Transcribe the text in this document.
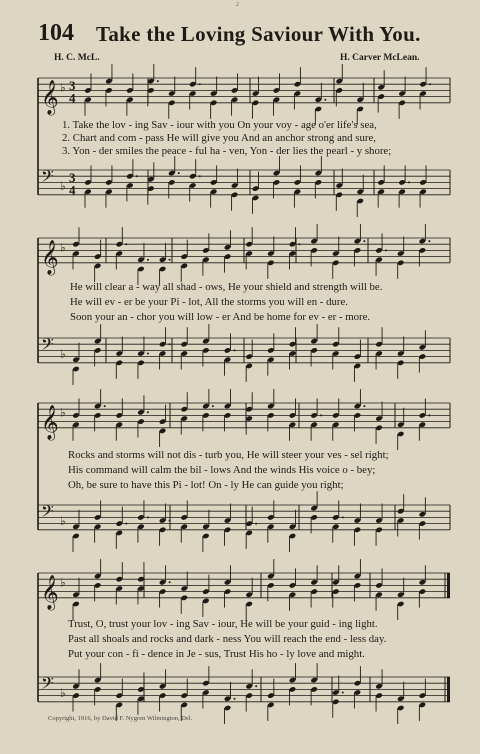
2
104 Take the Loving Saviour With You.
H. C. McL.	H. Carver McLean.
𝄞 ♭ 3
4
𝄢 ♭
3
4
𝄞 ♭
𝄢 ♭
𝄞 ♭
𝄢 ♭
𝄞 ♭
𝄢 ♭
1. Take the lov - ing Sav - iour with you On your voy - age o'er life's sea,
2. Chart and com - pass He will give you And an anchor strong and sure,
3. Yon - der smiles the peace - ful ha - ven, Yon - der lies the pearl - y shore;
He will clear a - way all shad - ows, He your shield and strength will be.
He will ev - er be your Pi - lot, All the storms you will en - dure.
Soon your an - chor you will low - er And be home for ev - er - more.
Rocks and storms will not dis - turb you, He will steer your ves - sel right;
His command will calm the bil - lows And the winds His voice o - bey;
Oh, be sure to have this Pi - lot! On - ly He can guide you right;
Trust, O, trust your lov - ing Sav - iour, He will be your guid - ing light.
Past all shoals and rocks and dark - ness You will reach the end - less day.
Put your con - fi - dence in Je - sus, Trust His ho - ly love and might.
Copyright, 1916, by David F. Nygren Wilmington, Del.
